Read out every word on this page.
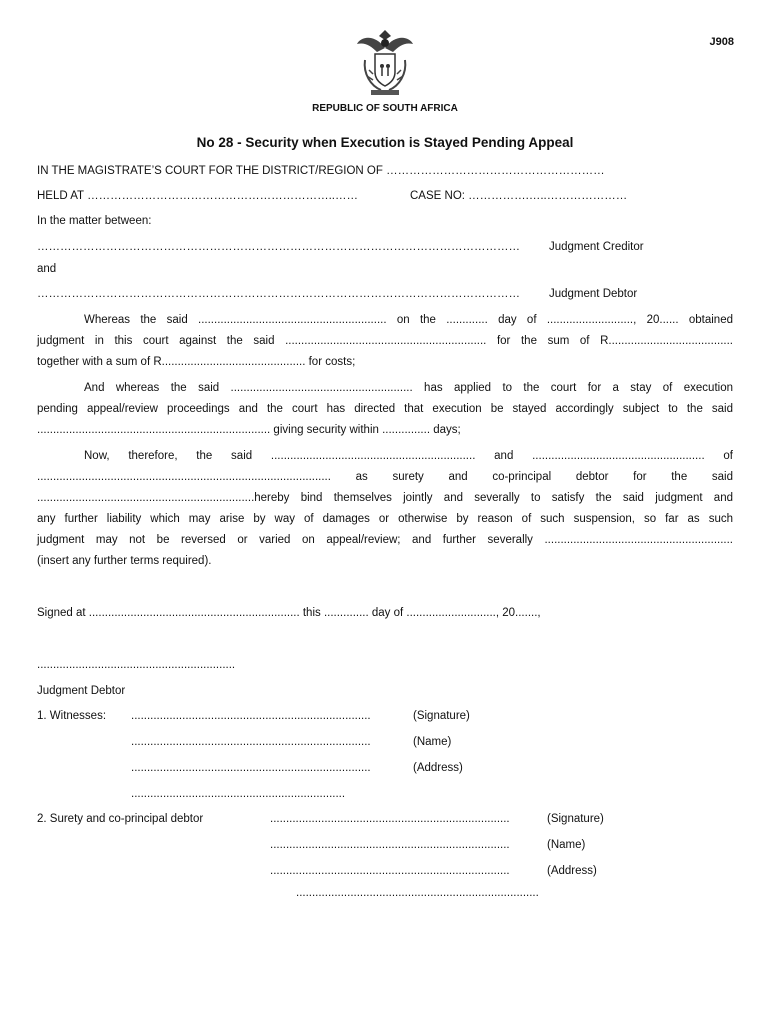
J908
REPUBLIC OF SOUTH AFRICA
No 28 - Security when Execution is Stayed Pending Appeal
IN THE MAGISTRATE’S COURT FOR THE DISTRICT/REGION OF …………………………………………………
HELD AT ………………………………………………………..……	CASE NO: …………….…..…………………
In the matter between:
………………………………………………………………………………………………………………	Judgment Creditor
and
………………………………………………………………………………………………………………	Judgment Debtor
Whereas the said ........................................................... on the ............. day of ..........................., 20...... obtained
judgment in this court against the said ............................................................... for the sum of R.......................................
together with a sum of R............................................. for costs;
And whereas the said ......................................................... has applied to the court for a stay of execution
pending appeal/review proceedings and the court has directed that execution be stayed accordingly subject to the said
......................................................................... giving security within ............... days;
Now, therefore, the said ................................................................ and ...................................................... of
............................................................................................ as surety and co-principal debtor for the said
....................................................................hereby bind themselves jointly and severally to satisfy the said judgment and
any further liability which may arise by way of damages or otherwise by reason of such suspension, so far as such
judgment may not be reversed or varied on appeal/review; and further severally ...........................................................
(insert any further terms required).
Signed at .................................................................. this .............. day of ............................, 20.......,
..............................................................
Judgment Debtor
1. Witnesses: ...........................................................................	(Signature)
...........................................................................	(Name)
...........................................................................	(Address)
...................................................................
2. Surety and co-principal debtor	...........................................................................	(Signature)
...........................................................................	(Name)
...........................................................................	(Address)
............................................................................
